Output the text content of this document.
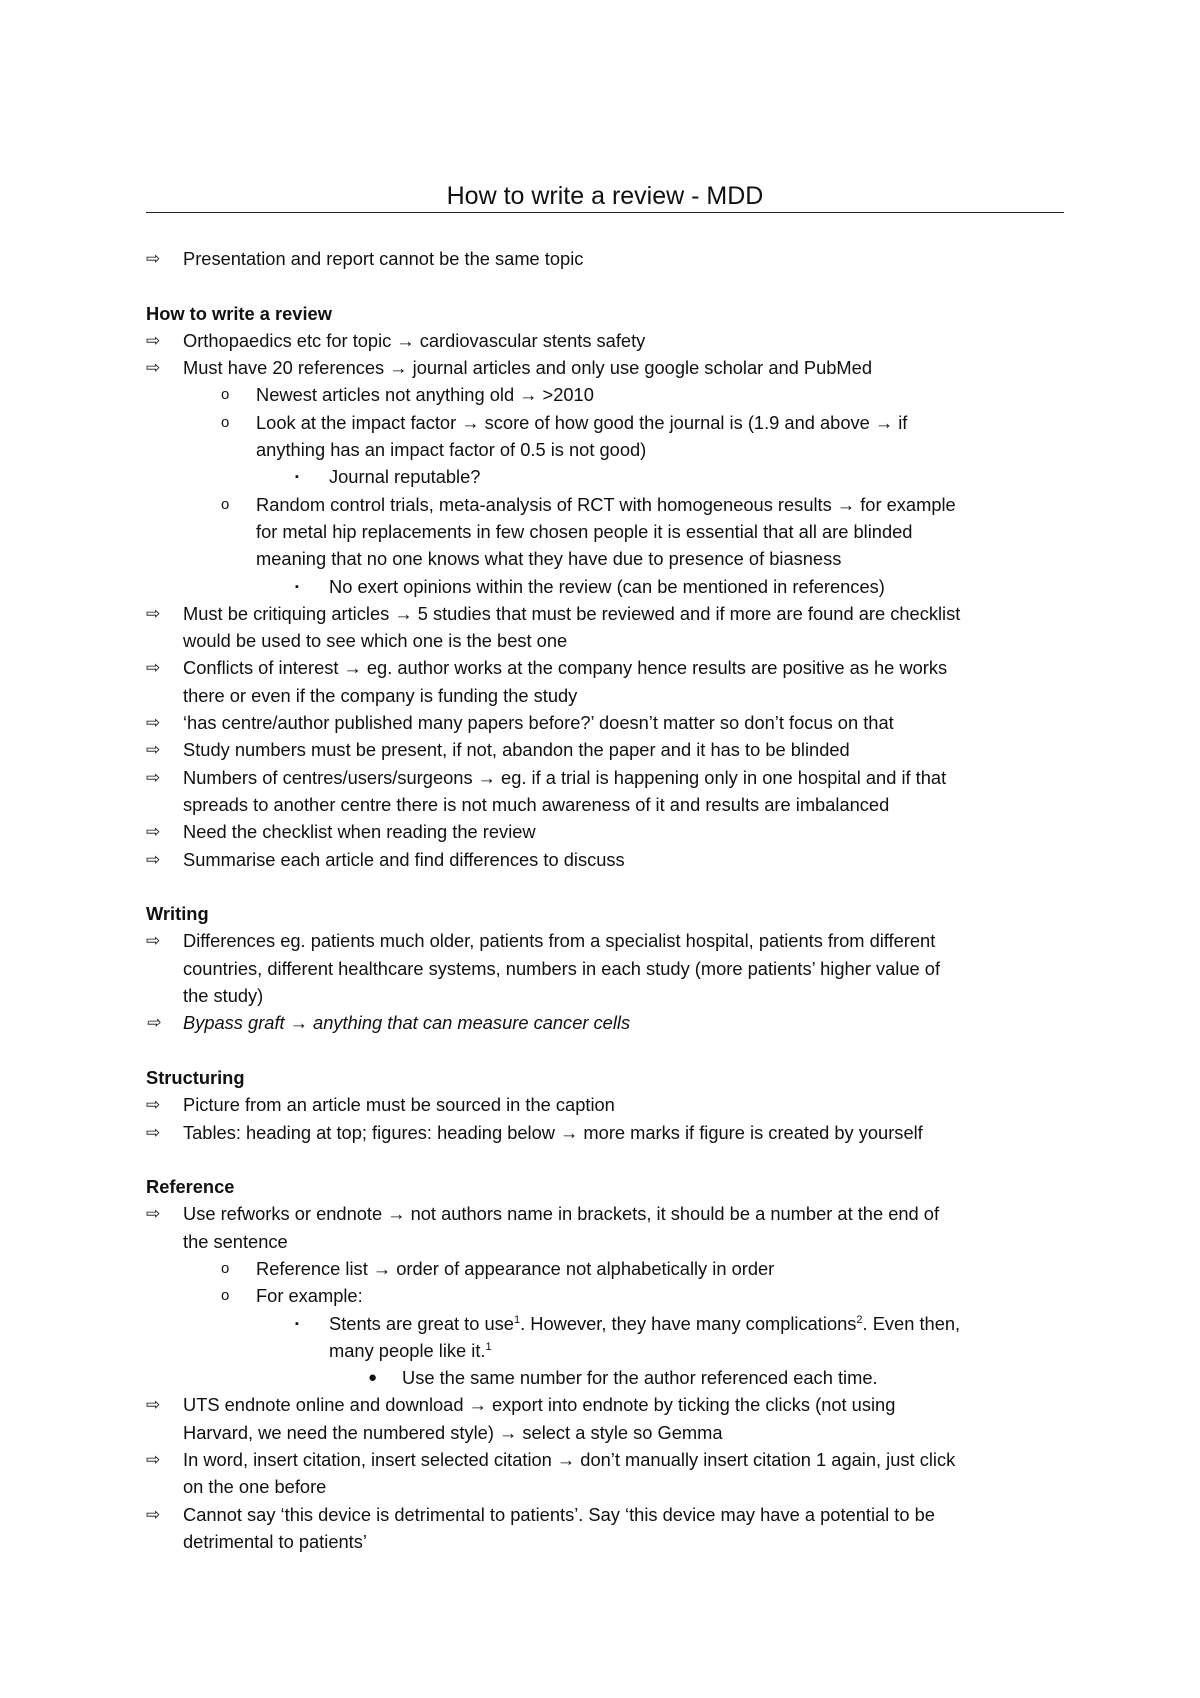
How to write a review - MDD
⇨ Presentation and report cannot be the same topic
How to write a review
⇨ Orthopaedics etc for topic → cardiovascular stents safety
⇨ Must have 20 references → journal articles and only use google scholar and PubMed
o Newest articles not anything old → >2010
o Look at the impact factor → score of how good the journal is (1.9 and above → if
anything has an impact factor of 0.5 is not good)
▪ Journal reputable?
o Random control trials, meta-analysis of RCT with homogeneous results → for example
for metal hip replacements in few chosen people it is essential that all are blinded
meaning that no one knows what they have due to presence of biasness
▪ No exert opinions within the review (can be mentioned in references)
⇨ Must be critiquing articles → 5 studies that must be reviewed and if more are found are checklist
would be used to see which one is the best one
⇨ Conflicts of interest → eg. author works at the company hence results are positive as he works
there or even if the company is funding the study
⇨ ‘has centre/author published many papers before?’ doesn’t matter so don’t focus on that
⇨ Study numbers must be present, if not, abandon the paper and it has to be blinded
⇨ Numbers of centres/users/surgeons → eg. if a trial is happening only in one hospital and if that
spreads to another centre there is not much awareness of it and results are imbalanced
⇨ Need the checklist when reading the review
⇨ Summarise each article and find differences to discuss
Writing
⇨ Differences eg. patients much older, patients from a specialist hospital, patients from different
countries, different healthcare systems, numbers in each study (more patients’ higher value of
the study)
⇨ Bypass graft → anything that can measure cancer cells
Structuring
⇨ Picture from an article must be sourced in the caption
⇨ Tables: heading at top; figures: heading below → more marks if figure is created by yourself
Reference
⇨ Use refworks or endnote → not authors name in brackets, it should be a number at the end of
the sentence
o Reference list → order of appearance not alphabetically in order
o For example:
▪ Stents are great to use$^1$. However, they have many complications$^2$. Even then,
many people like it.$^1$
● Use the same number for the author referenced each time.
⇨ UTS endnote online and download → export into endnote by ticking the clicks (not using
Harvard, we need the numbered style) → select a style so Gemma
⇨ In word, insert citation, insert selected citation → don’t manually insert citation 1 again, just click
on the one before
⇨ Cannot say ‘this device is detrimental to patients’. Say ‘this device may have a potential to be
detrimental to patients’
